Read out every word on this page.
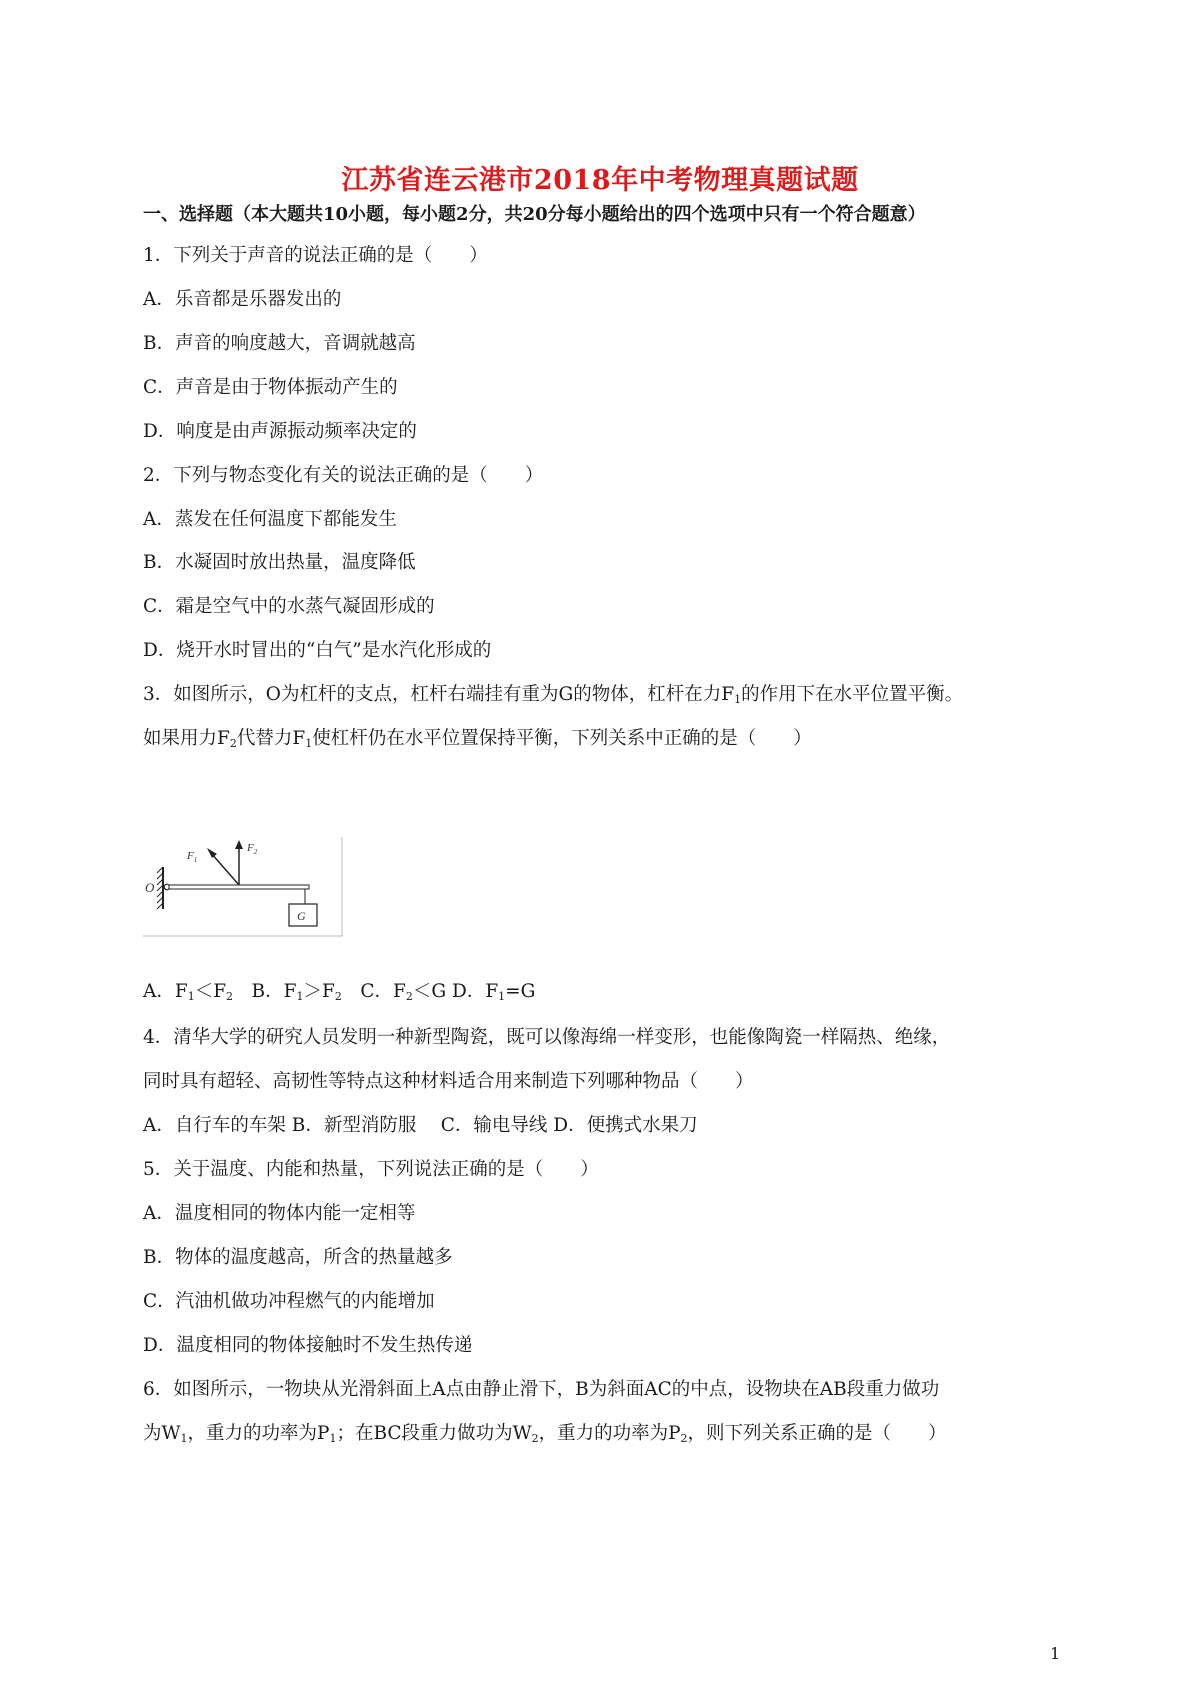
江苏省连云港市2018年中考物理真题试题
一、选择题（本大题共10小题，每小题2分，共20分每小题给出的四个选项中只有一个符合题意）
1．下列关于声音的说法正确的是（　　）
A．乐音都是乐器发出的
B．声音的响度越大，音调就越高
C．声音是由于物体振动产生的
D．响度是由声源振动频率决定的
2．下列与物态变化有关的说法正确的是（　　）
A．蒸发在任何温度下都能发生
B．水凝固时放出热量，温度降低
C．霜是空气中的水蒸气凝固形成的
D．烧开水时冒出的“白气”是水汽化形成的
3．如图所示，O为杠杆的支点，杠杆右端挂有重为G的物体，杠杆在力$F_1$的作用下在水平位置平衡。
如果用力$F_2$代替力$F_1$使杠杆仍在水平位置保持平衡，下列关系中正确的是（　　）
O
G
$F_1$
$F_2$
A．$F_1<F_2$　B．$F_1>F_2$　C．$F_2<G$ D．$F_1=G$
4．清华大学的研究人员发明一种新型陶瓷，既可以像海绵一样变形，也能像陶瓷一样隔热、绝缘，
同时具有超轻、高韧性等特点这种材料适合用来制造下列哪种物品（　　）
A．自行车的车架 B．新型消防服　 C．输电导线 D．便携式水果刀
5．关于温度、内能和热量，下列说法正确的是（　　）
A．温度相同的物体内能一定相等
B．物体的温度越高，所含的热量越多
C．汽油机做功冲程燃气的内能增加
D．温度相同的物体接触时不发生热传递
6．如图所示，一物块从光滑斜面上A点由静止滑下，B为斜面AC的中点，设物块在AB段重力做功
为$W_1$，重力的功率为$P_1$；在BC段重力做功为$W_2$，重力的功率为$P_2$，则下列关系正确的是（　　）
1
